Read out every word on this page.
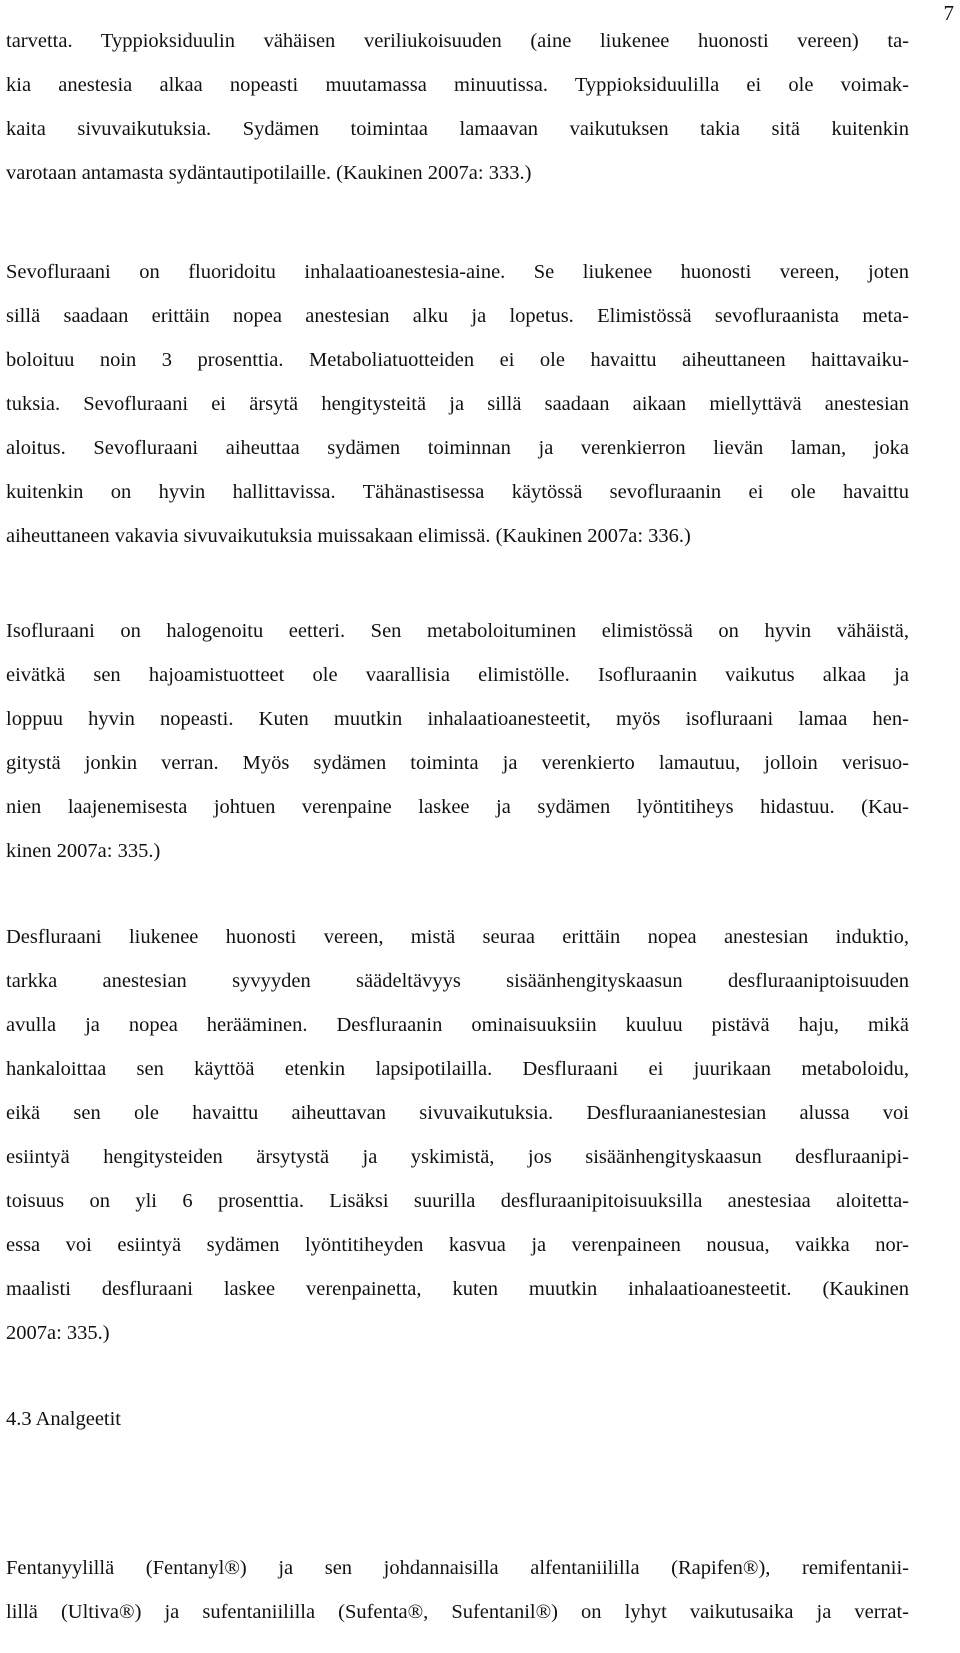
7
tarvetta. Typpioksiduulin vähäisen veriliukoisuuden (aine liukenee huonosti vereen) ta-
kia anestesia alkaa nopeasti muutamassa minuutissa. Typpioksiduulilla ei ole voimak-
kaita sivuvaikutuksia. Sydämen toimintaa lamaavan vaikutuksen takia sitä kuitenkin
varotaan antamasta sydäntautipotilaille. (Kaukinen 2007a: 333.)
Sevofluraani on fluoridoitu inhalaatioanestesia-aine. Se liukenee huonosti vereen, joten
sillä saadaan erittäin nopea anestesian alku ja lopetus. Elimistössä sevofluraanista meta-
boloituu noin 3 prosenttia. Metaboliatuotteiden ei ole havaittu aiheuttaneen haittavaiku-
tuksia. Sevofluraani ei ärsytä hengitysteitä ja sillä saadaan aikaan miellyttävä anestesian
aloitus. Sevofluraani aiheuttaa sydämen toiminnan ja verenkierron lievän laman, joka
kuitenkin on hyvin hallittavissa. Tähänastisessa käytössä sevofluraanin ei ole havaittu
aiheuttaneen vakavia sivuvaikutuksia muissakaan elimissä. (Kaukinen 2007a: 336.)
Isofluraani on halogenoitu eetteri. Sen metaboloituminen elimistössä on hyvin vähäistä,
eivätkä sen hajoamistuotteet ole vaarallisia elimistölle. Isofluraanin vaikutus alkaa ja
loppuu hyvin nopeasti. Kuten muutkin inhalaatioanesteetit, myös isofluraani lamaa hen-
gitystä jonkin verran. Myös sydämen toiminta ja verenkierto lamautuu, jolloin verisuo-
nien laajenemisesta johtuen verenpaine laskee ja sydämen lyöntitiheys hidastuu. (Kau-
kinen 2007a: 335.)
Desfluraani liukenee huonosti vereen, mistä seuraa erittäin nopea anestesian induktio,
tarkka anestesian syvyyden säädeltävyys sisäänhengityskaasun desfluraaniptoisuuden
avulla ja nopea herääminen. Desfluraanin ominaisuuksiin kuuluu pistävä haju, mikä
hankaloittaa sen käyttöä etenkin lapsipotilailla. Desfluraani ei juurikaan metaboloidu,
eikä sen ole havaittu aiheuttavan sivuvaikutuksia. Desfluraanianestesian alussa voi
esiintyä hengitysteiden ärsytystä ja yskimistä, jos sisäänhengityskaasun desfluraanipi-
toisuus on yli 6 prosenttia. Lisäksi suurilla desfluraanipitoisuuksilla anestesiaa aloitetta-
essa voi esiintyä sydämen lyöntitiheyden kasvua ja verenpaineen nousua, vaikka nor-
maalisti desfluraani laskee verenpainetta, kuten muutkin inhalaatioanesteetit. (Kaukinen
2007a: 335.)
4.3 Analgeetit
Fentanyylillä (Fentanyl®) ja sen johdannaisilla alfentaniililla (Rapifen®), remifentanii-
lillä (Ultiva®) ja sufentaniililla (Sufenta®, Sufentanil®) on lyhyt vaikutusaika ja verrat-
